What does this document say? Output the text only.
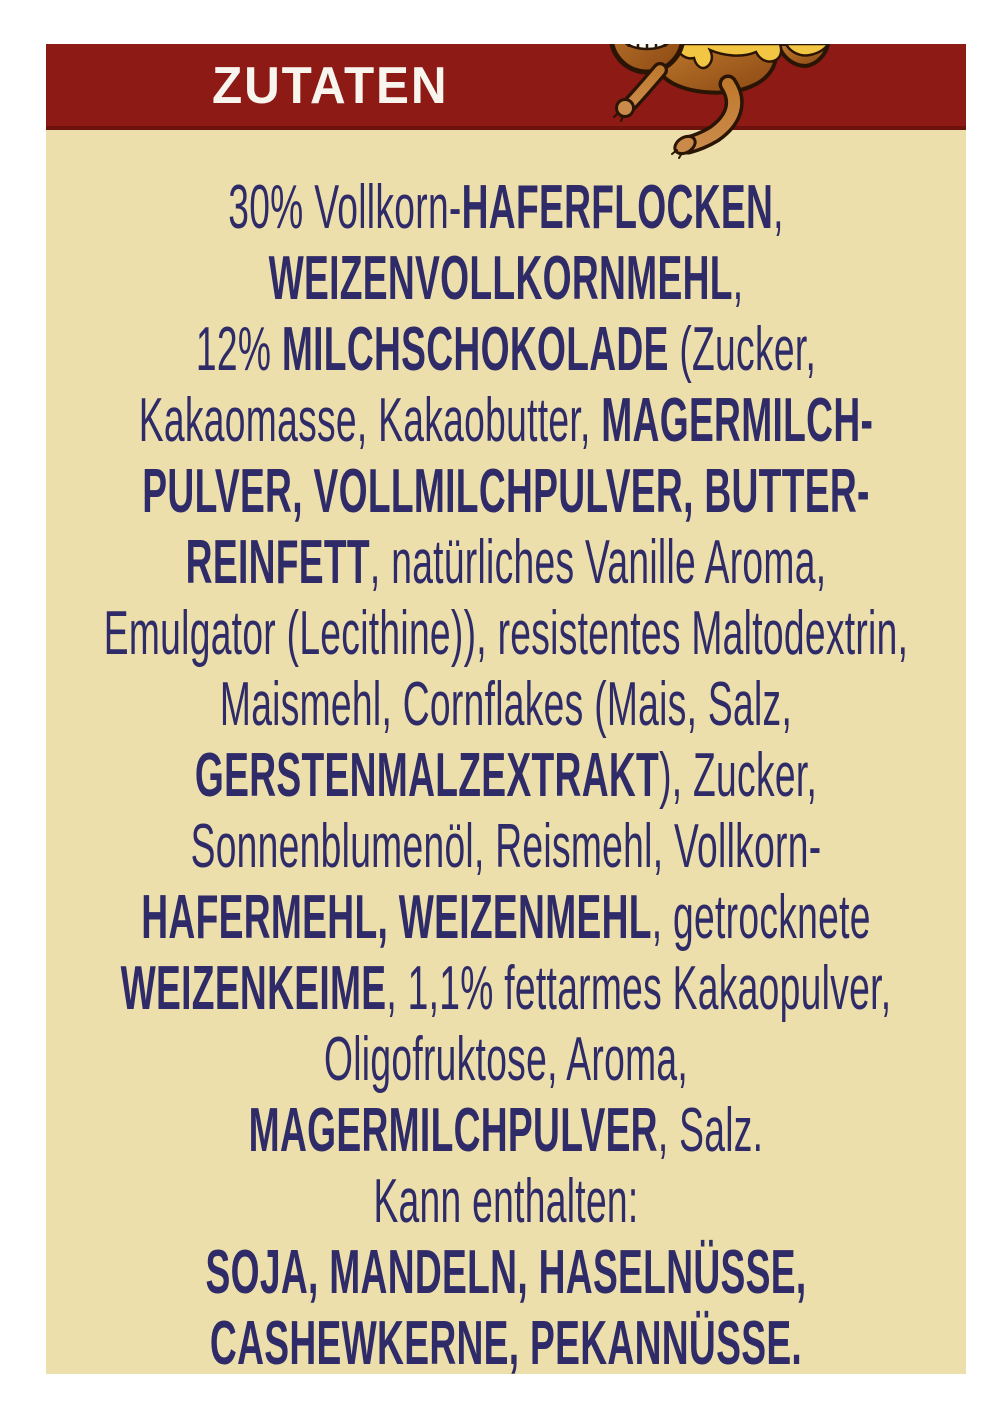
ZUTATEN
30% Vollkorn-HAFERFLOCKEN,
WEIZENVOLLKORNMEHL,
12% MILCHSCHOKOLADE (Zucker,
Kakaomasse, Kakaobutter, MAGERMILCH-
PULVER, VOLLMILCHPULVER, BUTTER-
REINFETT, natürliches Vanille Aroma,
Emulgator (Lecithine)), resistentes Maltodextrin,
Maismehl, Cornflakes (Mais, Salz,
GERSTENMALZEXTRAKT), Zucker,
Sonnenblumenöl, Reismehl, Vollkorn-
HAFERMEHL, WEIZENMEHL, getrocknete
WEIZENKEIME, 1,1% fettarmes Kakaopulver,
Oligofruktose, Aroma,
MAGERMILCHPULVER, Salz.
Kann enthalten:
SOJA, MANDELN, HASELNÜSSE,
CASHEWKERNE, PEKANNÜSSE.
